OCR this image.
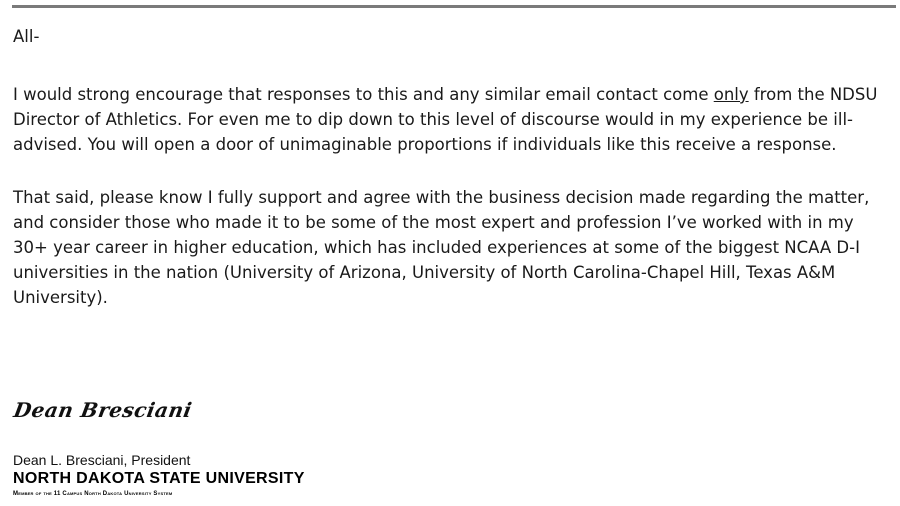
All-

I would strong encourage that responses to this and any similar email contact come only from the NDSU Director of Athletics. For even me to dip down to this level of discourse would in my experience be ill-advised. You will open a door of unimaginable proportions if individuals like this receive a response.

That said, please know I fully support and agree with the business decision made regarding the matter, and consider those who made it to be some of the most expert and profession I’ve worked with in my 30+ year career in higher education, which has included experiences at some of the biggest NCAA D-I universities in the nation (University of Arizona, University of North Carolina-Chapel Hill, Texas A&M University).

Dean Bresciani
Dean L. Bresciani, President
NORTH DAKOTA STATE UNIVERSITY
Member of the 11 Campus North Dakota University System
